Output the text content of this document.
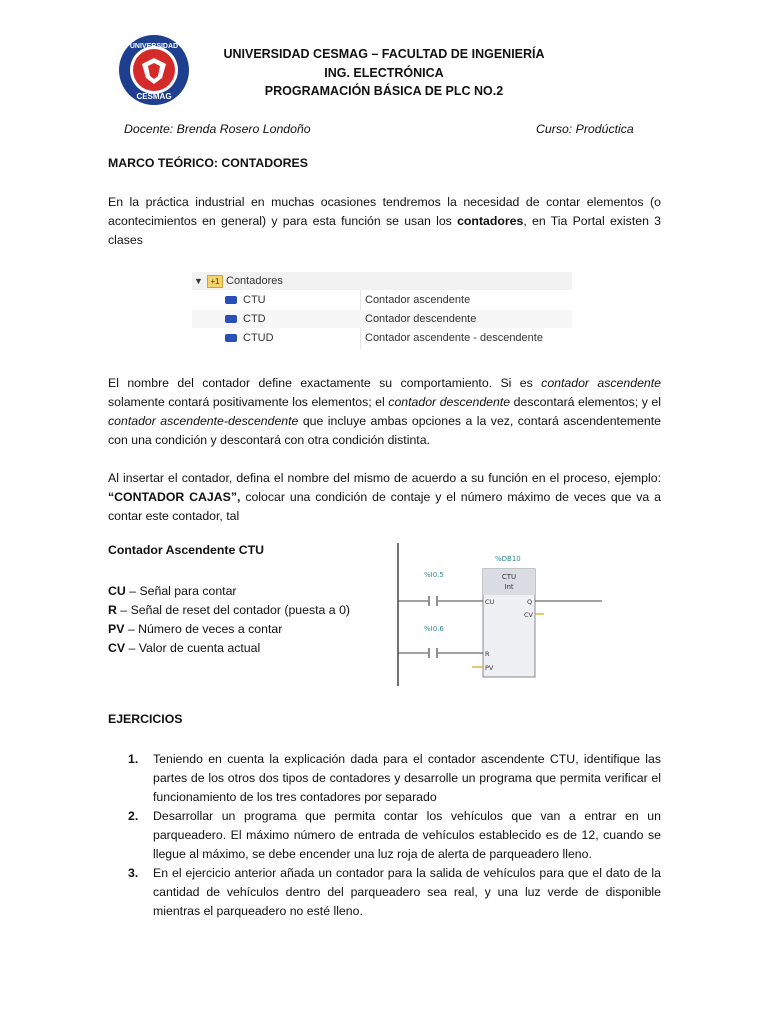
UNIVERSIDAD
CESMAG
UNIVERSIDAD CESMAG – FACULTAD DE INGENIERÍA
ING. ELECTRÓNICA
PROGRAMACIÓN BÁSICA DE PLC NO.2
Docente: Brenda Rosero Londoño	Curso: Prodúctica
MARCO TEÓRICO: CONTADORES
En la práctica industrial en muchas ocasiones tendremos la necesidad de contar elementos (o acontecimientos en general) y para esta función se usan los contadores, en Tia Portal existen 3 clases
▼ +1 Contadores
CTU	Contador ascendente
CTD	Contador descendente
CTUD	Contador ascendente - descendente
El nombre del contador define exactamente su comportamiento. Si es contador ascendente solamente contará positivamente los elementos; el contador descendente descontará elementos; y el contador ascendente-descendente que incluye ambas opciones a la vez, contará ascendentemente con una condición y descontará con otra condición distinta.
Al insertar el contador, defina el nombre del mismo de acuerdo a su función en el proceso, ejemplo: “CONTADOR CAJAS”, colocar una condición de contaje y el número máximo de veces que va a contar este contador, tal
Contador Ascendente CTU
CU – Señal para contar
R – Señal de reset del contador (puesta a 0)
PV – Número de veces a contar
CV – Valor de cuenta actual
%DB10
CTU
Int
%I0.5
CU	Q
CV
%I0.6
R
PV
EJERCICIOS
1.	Teniendo en cuenta la explicación dada para el contador ascendente CTU, identifique las partes de los otros dos tipos de contadores y desarrolle un programa que permita verificar el funcionamiento de los tres contadores por separado
2.	Desarrollar un programa que permita contar los vehículos que van a entrar en un parqueadero. El máximo número de entrada de vehículos establecido es de 12, cuando se llegue al máximo, se debe encender una luz roja de alerta de parqueadero lleno.
3.	En el ejercicio anterior añada un contador para la salida de vehículos para que el dato de la cantidad de vehículos dentro del parqueadero sea real, y una luz verde de disponible mientras el parqueadero no esté lleno.
